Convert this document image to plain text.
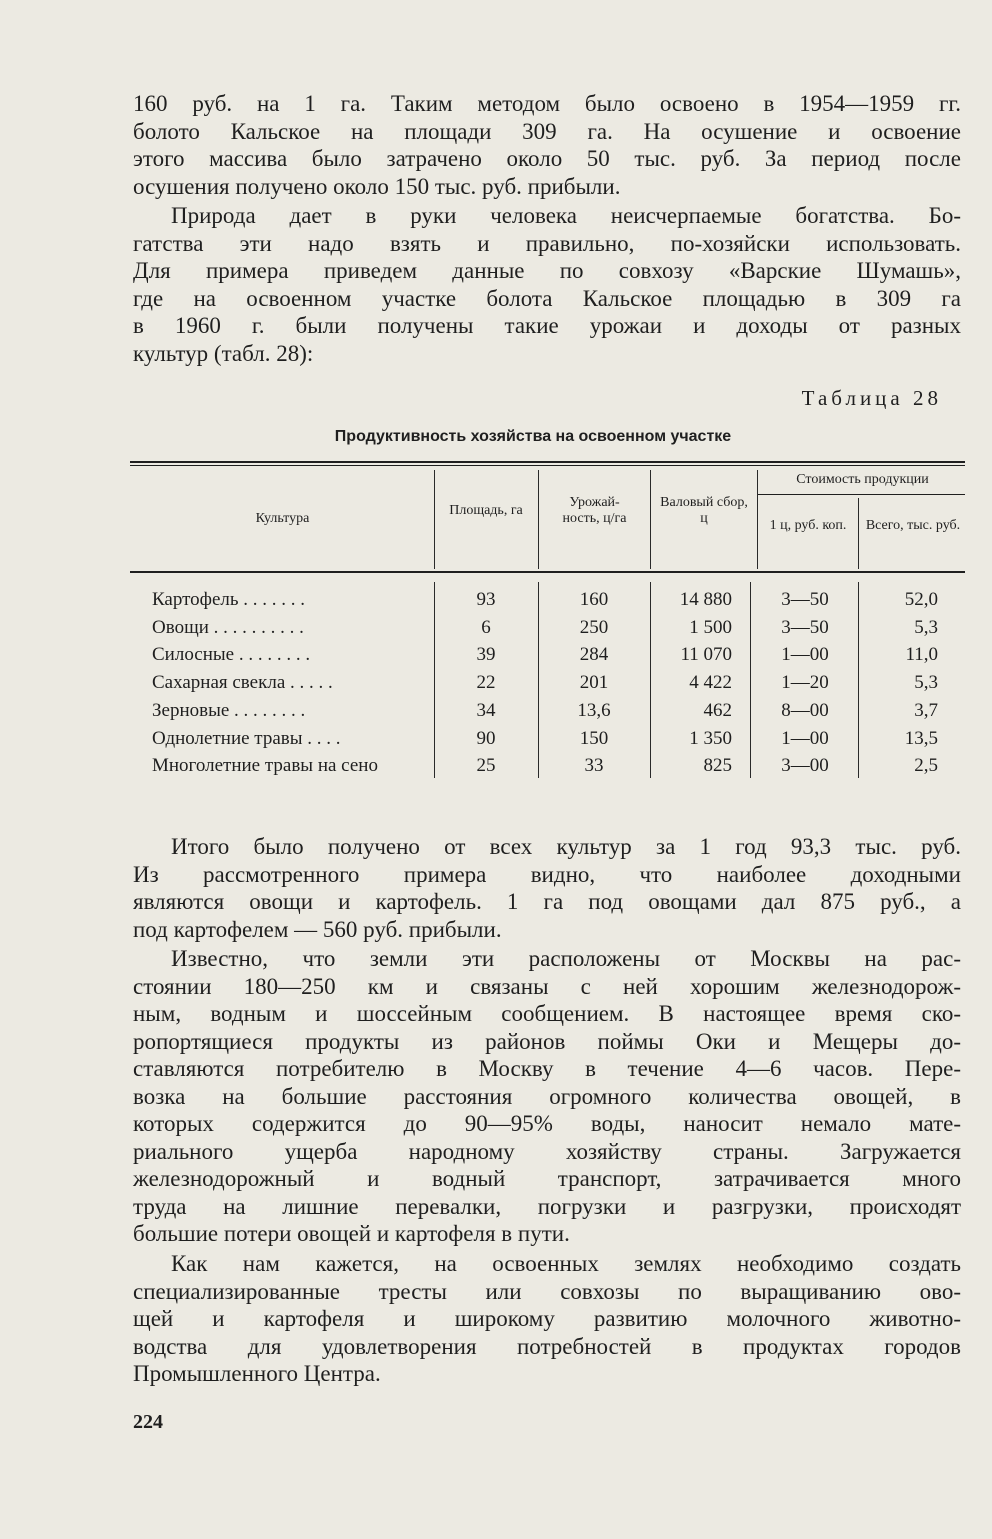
160 руб. на 1 га. Таким методом было освоено в 1954—1959 гг.
болото Кальское на площади 309 га. На осушение и освоение
этого массива было затрачено около 50 тыс. руб. За период после
осушения получено около 150 тыс. руб. прибыли.
Природа дает в руки человека неисчерпаемые богатства. Бо-
гатства эти надо взять и правильно, по-хозяйски использовать.
Для примера приведем данные по совхозу «Варские Шумашь»,
где на освоенном участке болота Кальское площадью в 309 га
в 1960 г. были получены такие урожаи и доходы от разных
культур (табл. 28):
Таблица 28
Продуктивность хозяйства на освоенном участке
Культура
Площадь, га
Урожай-ность, ц/га
Валовый сбор, ц
Стоимость продукции
1 ц, руб. коп.	Всего, тыс. руб.
Картофель . . . . . . .	93	160	14 880	3—50	52,0
Овощи . . . . . . . . . .	6	250	1 500	3—50	5,3
Силосные . . . . . . . .	39	284	11 070	1—00	11,0
Сахарная свекла . . . . .	22	201	4 422	1—20	5,3
Зерновые . . . . . . . .	34	13,6	462	8—00	3,7
Однолетние травы . . . .	90	150	1 350	1—00	13,5
Многолетние травы на сено	25	33	825	3—00	2,5
Итого было получено от всех культур за 1 год 93,3 тыс. руб.
Из рассмотренного примера видно, что наиболее доходными
являются овощи и картофель. 1 га под овощами дал 875 руб., а
под картофелем — 560 руб. прибыли.
Известно, что земли эти расположены от Москвы на рас-
стоянии 180—250 км и связаны с ней хорошим железнодорож-
ным, водным и шоссейным сообщением. В настоящее время ско-
ропортящиеся продукты из районов поймы Оки и Мещеры до-
ставляются потребителю в Москву в течение 4—6 часов. Пере-
возка на большие расстояния огромного количества овощей, в
которых содержится до 90—95% воды, наносит немало мате-
риального ущерба народному хозяйству страны. Загружается
железнодорожный и водный транспорт, затрачивается много
труда на лишние перевалки, погрузки и разгрузки, происходят
большие потери овощей и картофеля в пути.
Как нам кажется, на освоенных землях необходимо создать
специализированные тресты или совхозы по выращиванию ово-
щей и картофеля и широкому развитию молочного животно-
водства для удовлетворения потребностей в продуктах городов
Промышленного Центра.
224
